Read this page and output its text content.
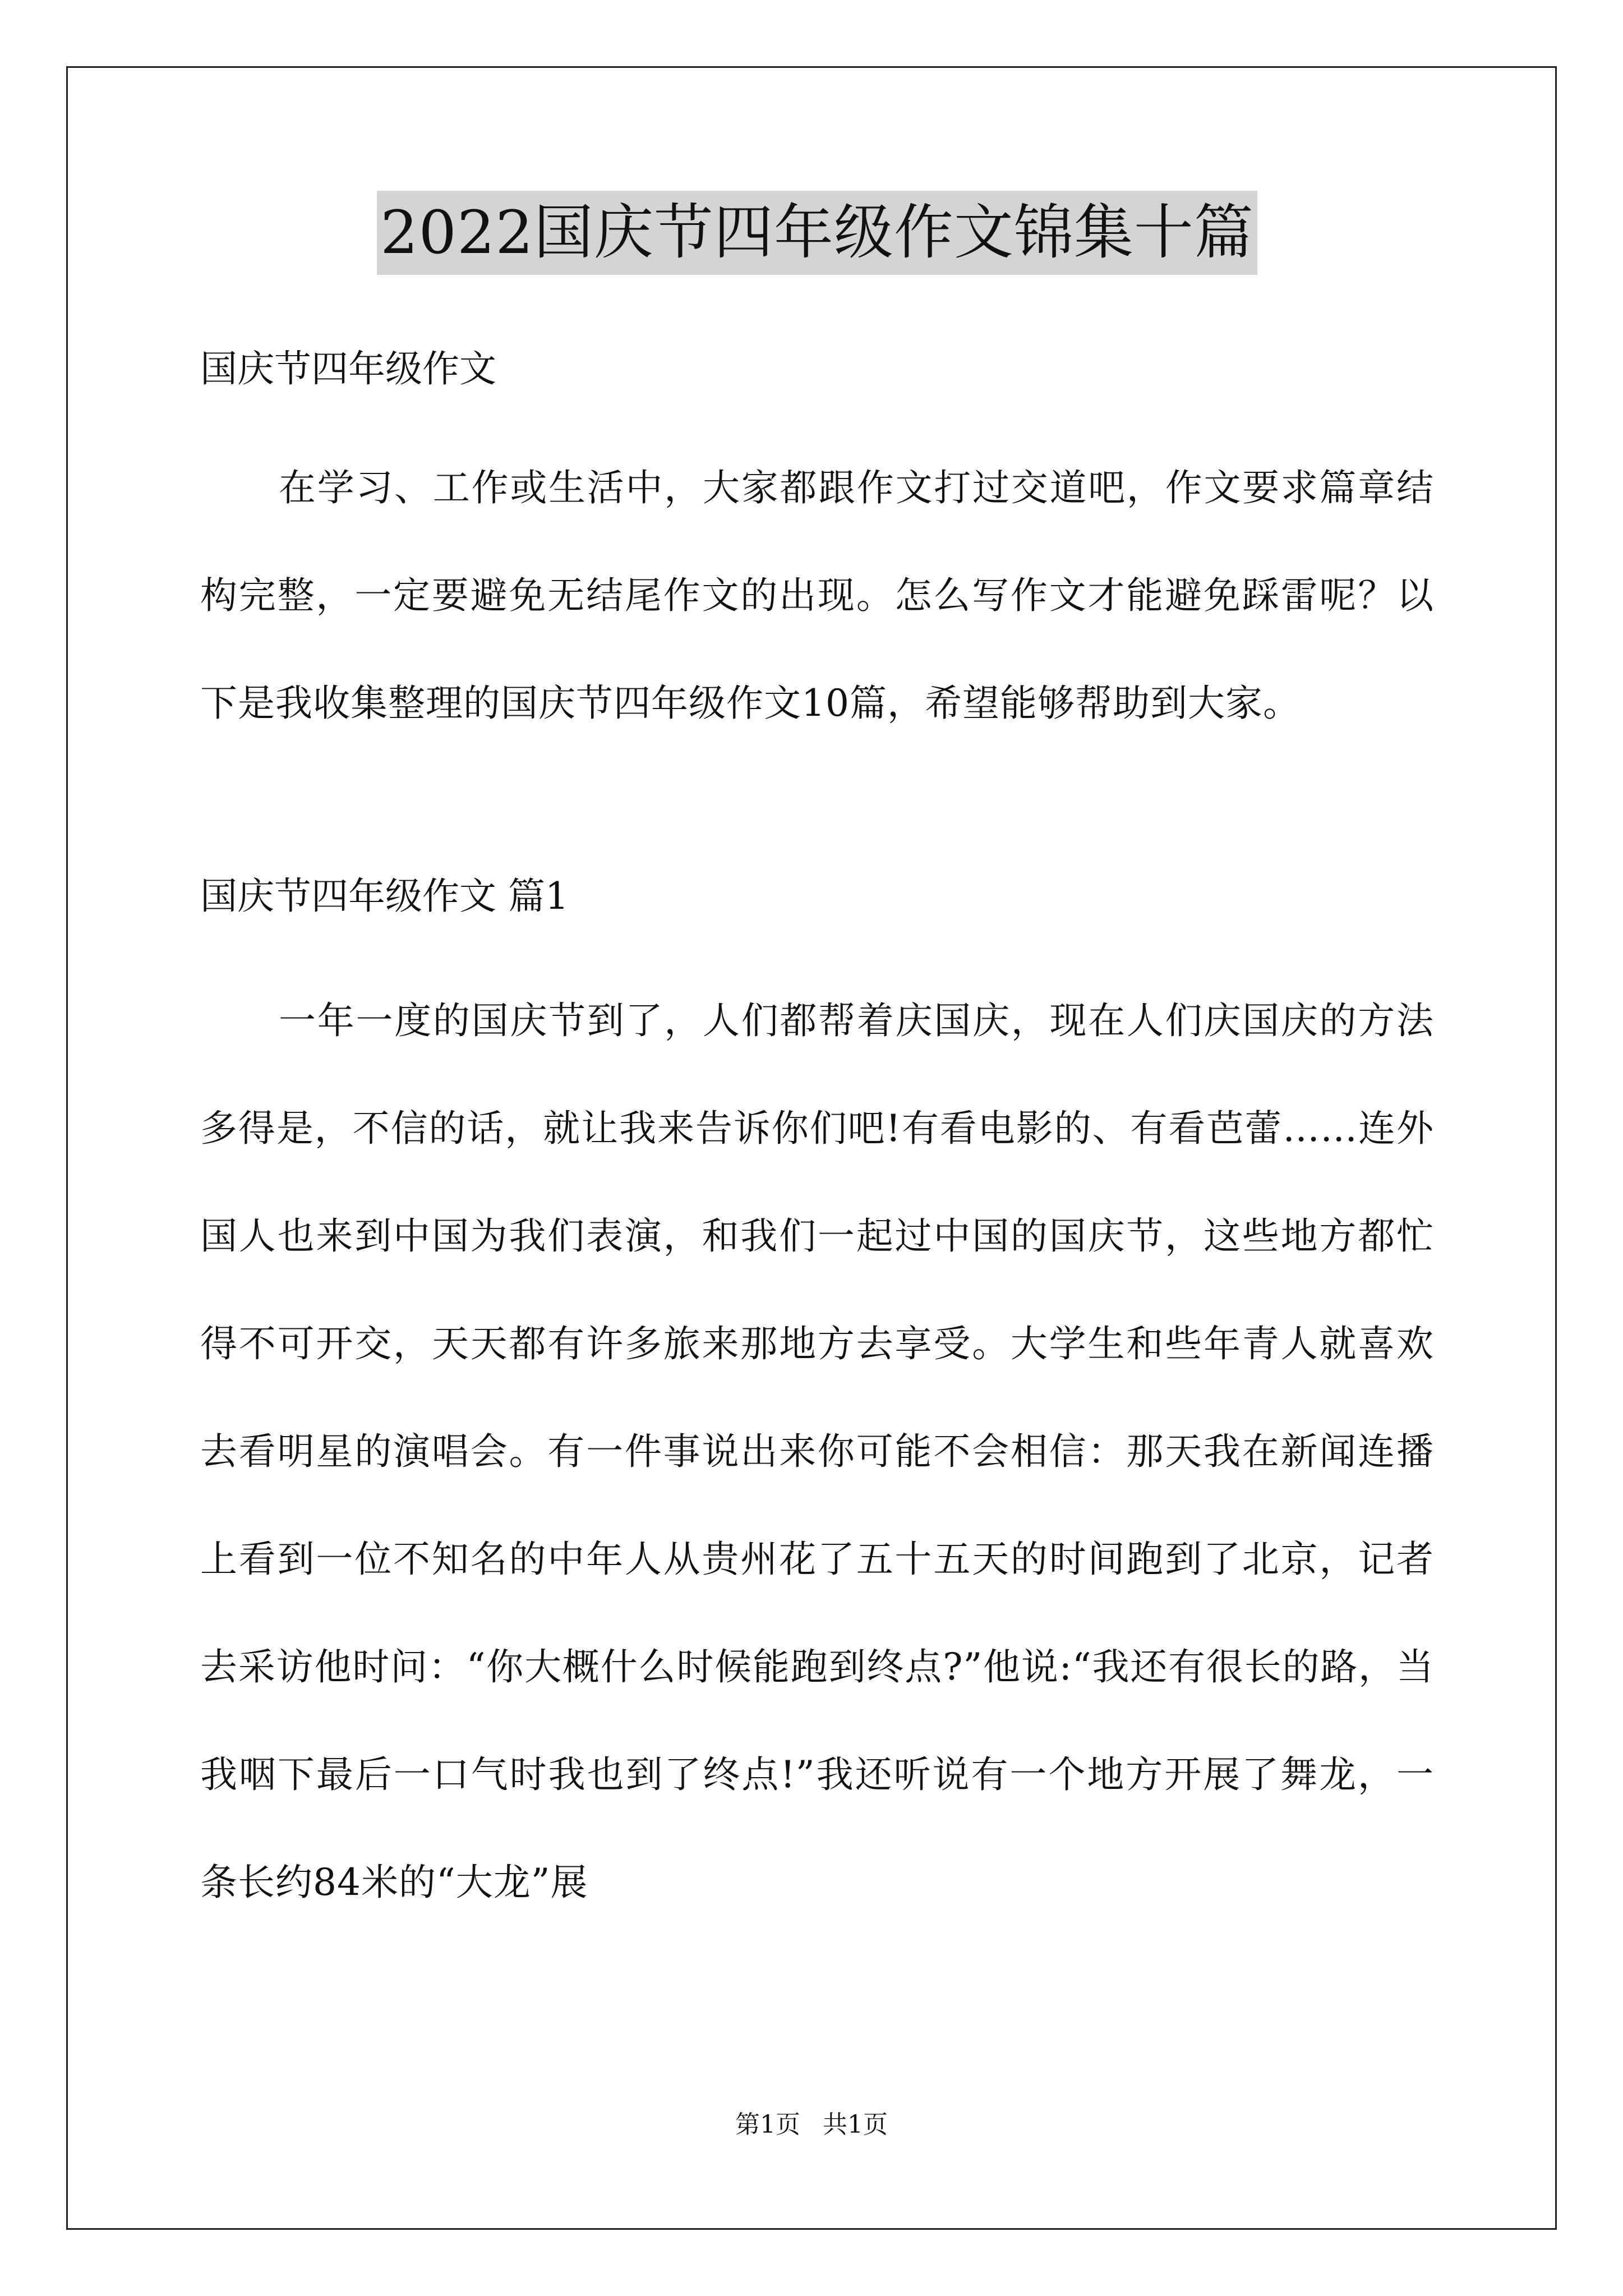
2022国庆节四年级作文锦集十篇

国庆节四年级作文

在学习、工作或生活中，大家都跟作文打过交道吧，作文要求篇章结构完整，一定要避免无结尾作文的出现。怎么写作文才能避免踩雷呢？以下是我收集整理的国庆节四年级作文10篇，希望能够帮助到大家。

国庆节四年级作文 篇1

一年一度的国庆节到了，人们都帮着庆国庆，现在人们庆国庆的方法多得是，不信的话，就让我来告诉你们吧!有看电影的、有看芭蕾……连外国人也来到中国为我们表演，和我们一起过中国的国庆节，这些地方都忙得不可开交，天天都有许多旅来那地方去享受。大学生和些年青人就喜欢去看明星的演唱会。有一件事说出来你可能不会相信：那天我在新闻连播上看到一位不知名的中年人从贵州花了五十五天的时间跑到了北京，记者去采访他时问：“你大概什么时候能跑到终点?”他说:“我还有很长的路，当我咽下最后一口气时我也到了终点!”我还听说有一个地方开展了舞龙，一条长约84米的“大龙”展

第1页 共1页
